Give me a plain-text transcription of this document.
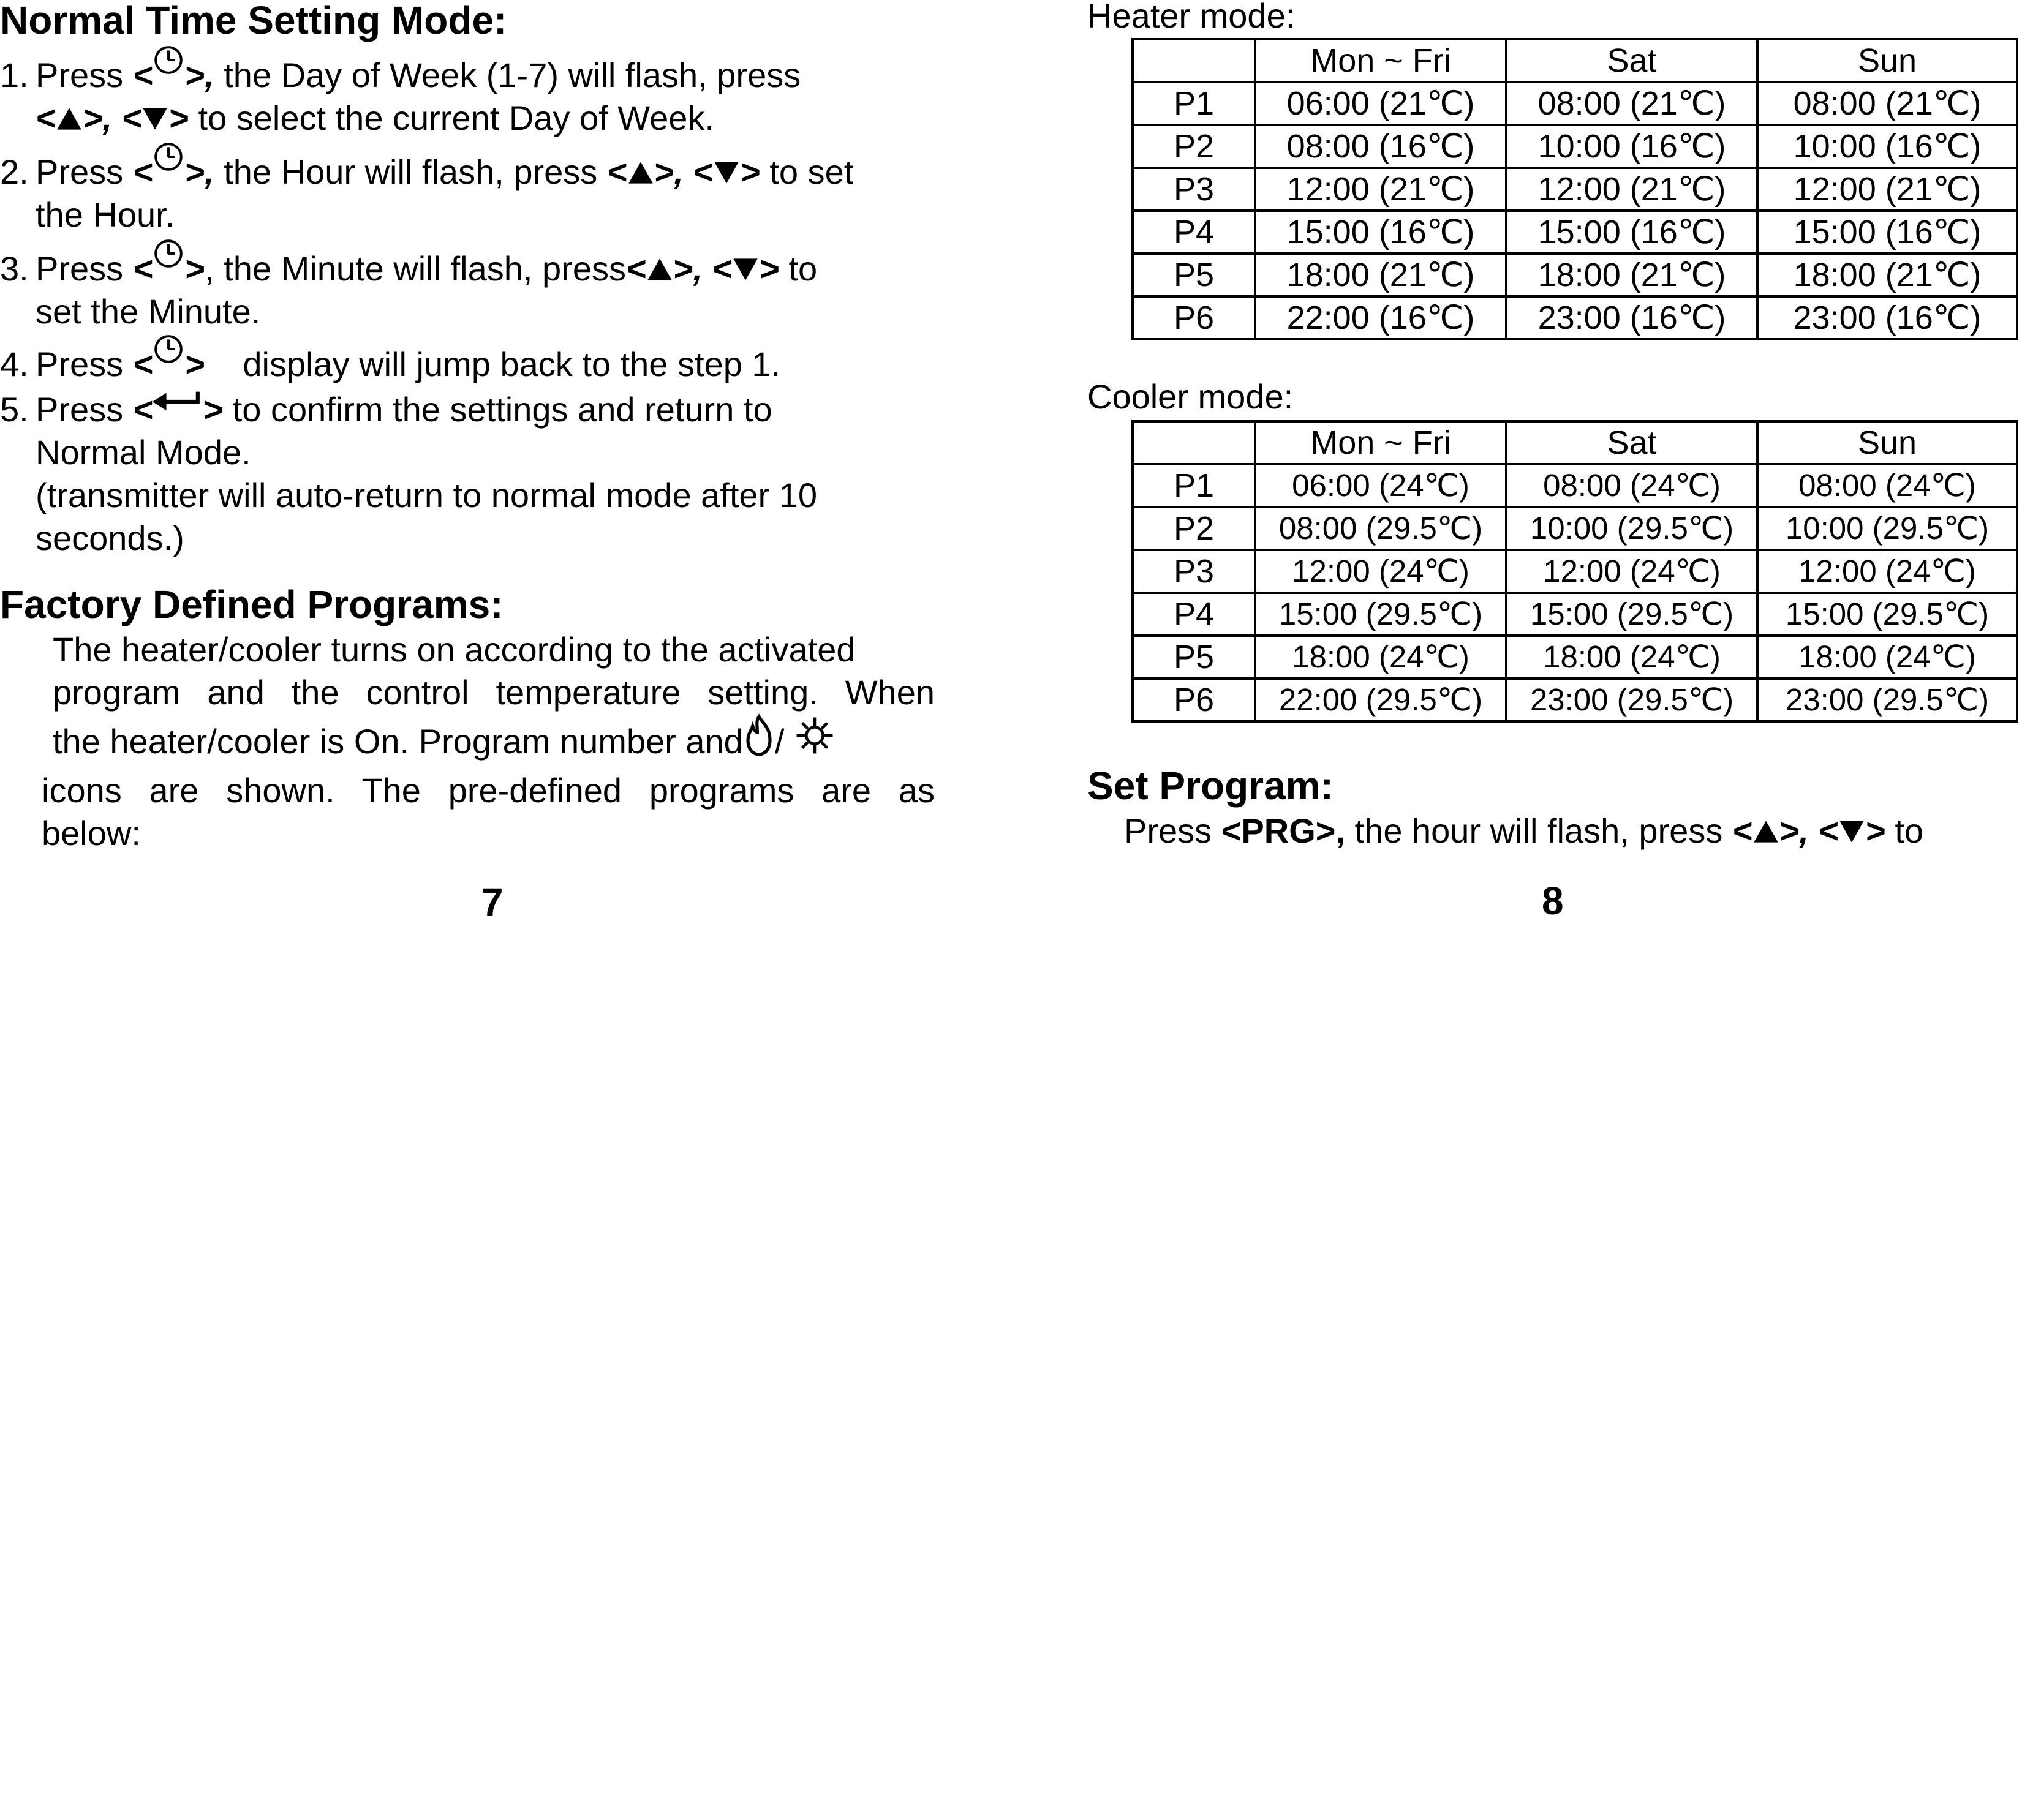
Normal Time Setting Mode:
1. Press < >, the Day of Week (1-7) will flash, press
< >, < > to select the current Day of Week.
2. Press < >, the Hour will flash, press < >, < > to set
the Hour.
3. Press < >, the Minute will flash, press< >, < > to
set the Minute.
4. Press < > display will jump back to the step 1.
5. Press < > to confirm the settings and return to
Normal Mode.
(transmitter will auto-return to normal mode after 10
seconds.)
Factory Defined Programs:
The heater/cooler turns on according to the activated
program and the control temperature setting. When
the heater/cooler is On. Program number and /
icons are shown. The pre-defined programs are as
below:
7
Heater mode:
	Mon ~ Fri	Sat	Sun
P1	06:00 (21℃)	08:00 (21℃)	08:00 (21℃)
P2	08:00 (16℃)	10:00 (16℃)	10:00 (16℃)
P3	12:00 (21℃)	12:00 (21℃)	12:00 (21℃)
P4	15:00 (16℃)	15:00 (16℃)	15:00 (16℃)
P5	18:00 (21℃)	18:00 (21℃)	18:00 (21℃)
P6	22:00 (16℃)	23:00 (16℃)	23:00 (16℃)
Cooler mode:
	Mon ~ Fri	Sat	Sun
P1	06:00 (24℃)	08:00 (24℃)	08:00 (24℃)
P2	08:00 (29.5℃)	10:00 (29.5℃)	10:00 (29.5℃)
P3	12:00 (24℃)	12:00 (24℃)	12:00 (24℃)
P4	15:00 (29.5℃)	15:00 (29.5℃)	15:00 (29.5℃)
P5	18:00 (24℃)	18:00 (24℃)	18:00 (24℃)
P6	22:00 (29.5℃)	23:00 (29.5℃)	23:00 (29.5℃)
Set Program:
Press <PRG>, the hour will flash, press < >, < > to
8
